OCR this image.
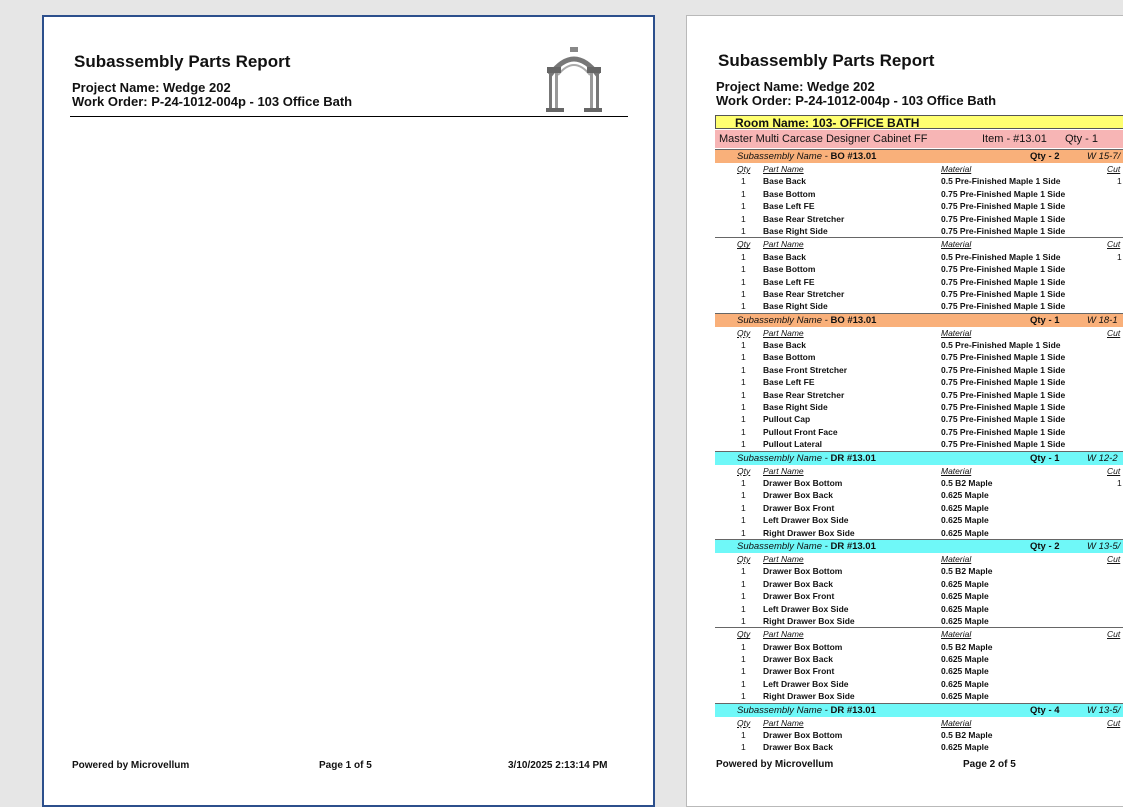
Subassembly Parts Report
Project Name: Wedge 202
Work Order: P-24-1012-004p - 103 Office Bath
Powered by Microvellum	Page 1 of 5	3/10/2025 2:13:14 PM
Subassembly Parts Report
Project Name: Wedge 202
Work Order: P-24-1012-004p - 103 Office Bath
Room Name: 103- OFFICE BATH
Master Multi Carcase Designer Cabinet FF	Item - #13.01 Qty - 1
Subassembly Name - BO #13.01	Qty - 2	W 15-7/
Qty Part Name	Material	Cut
1 Base Back	0.5 Pre-Finished Maple 1 Side	1
1 Base Bottom	0.75 Pre-Finished Maple 1 Side
1 Base Left FE	0.75 Pre-Finished Maple 1 Side
1 Base Rear Stretcher	0.75 Pre-Finished Maple 1 Side
1 Base Right Side	0.75 Pre-Finished Maple 1 Side
Qty Part Name	Material	Cut
1 Base Back	0.5 Pre-Finished Maple 1 Side	1
1 Base Bottom	0.75 Pre-Finished Maple 1 Side
1 Base Left FE	0.75 Pre-Finished Maple 1 Side
1 Base Rear Stretcher	0.75 Pre-Finished Maple 1 Side
1 Base Right Side	0.75 Pre-Finished Maple 1 Side
Subassembly Name - BO #13.01	Qty - 1	W 18-1
Qty Part Name	Material	Cut
1 Base Back	0.5 Pre-Finished Maple 1 Side
1 Base Bottom	0.75 Pre-Finished Maple 1 Side
1 Base Front Stretcher	0.75 Pre-Finished Maple 1 Side
1 Base Left FE	0.75 Pre-Finished Maple 1 Side
1 Base Rear Stretcher	0.75 Pre-Finished Maple 1 Side
1 Base Right Side	0.75 Pre-Finished Maple 1 Side
1 Pullout Cap	0.75 Pre-Finished Maple 1 Side
1 Pullout Front Face	0.75 Pre-Finished Maple 1 Side
1 Pullout Lateral	0.75 Pre-Finished Maple 1 Side
Subassembly Name - DR #13.01	Qty - 1	W 12-2
Qty Part Name	Material	Cut
1 Drawer Box Bottom	0.5 B2 Maple	1
1 Drawer Box Back	0.625 Maple
1 Drawer Box Front	0.625 Maple
1 Left Drawer Box Side	0.625 Maple
1 Right Drawer Box Side	0.625 Maple
Subassembly Name - DR #13.01	Qty - 2	W 13-5/
Qty Part Name	Material	Cut
1 Drawer Box Bottom	0.5 B2 Maple
1 Drawer Box Back	0.625 Maple
1 Drawer Box Front	0.625 Maple
1 Left Drawer Box Side	0.625 Maple
1 Right Drawer Box Side	0.625 Maple
Qty Part Name	Material	Cut
1 Drawer Box Bottom	0.5 B2 Maple
1 Drawer Box Back	0.625 Maple
1 Drawer Box Front	0.625 Maple
1 Left Drawer Box Side	0.625 Maple
1 Right Drawer Box Side	0.625 Maple
Subassembly Name - DR #13.01	Qty - 4	W 13-5/
Qty Part Name	Material	Cut
1 Drawer Box Bottom	0.5 B2 Maple
1 Drawer Box Back	0.625 Maple
Powered by Microvellum	Page 2 of 5
